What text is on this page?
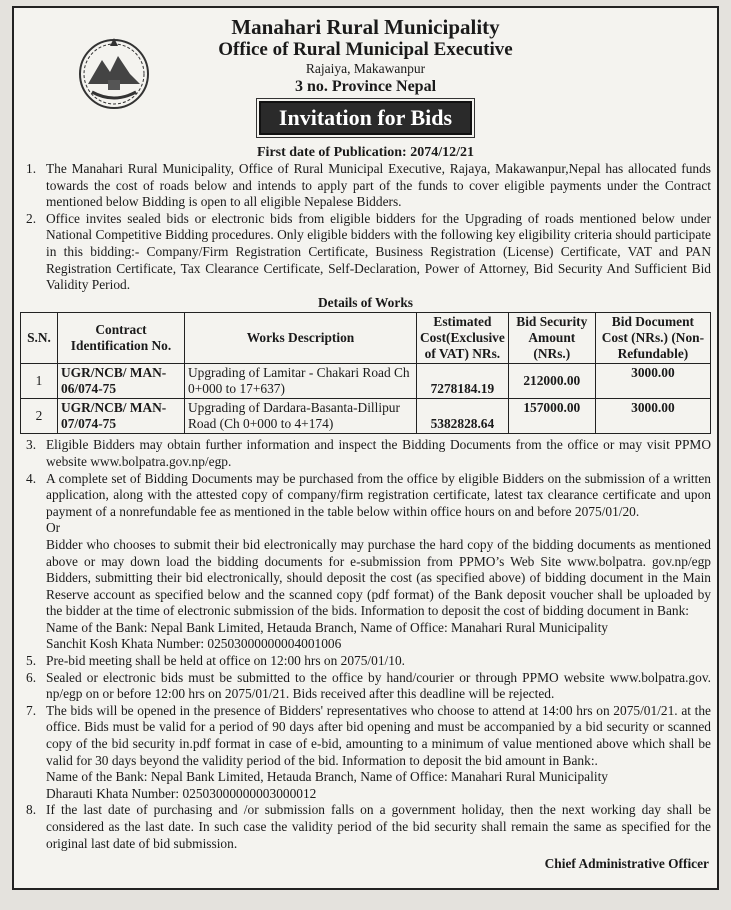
Manahari Rural Municipality
Office of Rural Municipal Executive
Rajaiya, Makawanpur
3 no. Province Nepal
Invitation for Bids
First date of Publication: 2074/12/21
1. The Manahari Rural Municipality, Office of Rural Municipal Executive, Rajaya, Makawanpur,Nepal has allocated funds towards the cost of roads below and intends to apply part of the funds to cover eligible payments under the Contract mentioned below Bidding is open to all eligible Nepalese Bidders.
2. Office invites sealed bids or electronic bids from eligible bidders for the Upgrading of roads mentioned below under National Competitive Bidding procedures. Only eligible bidders with the following key eligibility criteria should participate in this bidding:- Company/Firm Registration Certificate, Business Registration (License) Certificate, VAT and PAN Registration Certificate, Tax Clearance Certificate, Self-Declaration, Power of Attorney, Bid Security And Sufficient Bid Validity Period.
Details of Works
S.N.	Contract Identification No.	Works Description	Estimated Cost(Exclusive of VAT) NRs.	Bid Security Amount (NRs.)	Bid Document Cost (NRs.) (Non-Refundable)
1	UGR/NCB/ MAN-06/074-75	Upgrading of Lamitar - Chakari Road Ch 0+000 to 17+637)	7278184.19	212000.00	3000.00
2	UGR/NCB/ MAN-07/074-75	Upgrading of Dardara-Basanta-Dillipur Road (Ch 0+000 to 4+174)	5382828.64	157000.00	3000.00
3. Eligible Bidders may obtain further information and inspect the Bidding Documents from the office or may visit PPMO website www.bolpatra.gov.np/egp.
4. A complete set of Bidding Documents may be purchased from the office by eligible Bidders on the submission of a written application, along with the attested copy of company/firm registration certificate, latest tax clearance certificate and upon payment of a nonrefundable fee as mentioned in the table below within office hours on and before 2075/01/20.
Or
Bidder who chooses to submit their bid electronically may purchase the hard copy of the bidding documents as mentioned above or may down load the bidding documents for e-submission from PPMO’s Web Site www.bolpatra. gov.np/egp Bidders, submitting their bid electronically, should deposit the cost (as specified above) of bidding document in the Main Reserve account as specified below and the scanned copy (pdf format) of the Bank deposit voucher shall be uploaded by the bidder at the time of electronic submission of the bids. Information to deposit the cost of bidding document in Bank:
Name of the Bank: Nepal Bank Limited, Hetauda Branch, Name of Office: Manahari Rural Municipality
Sanchit Kosh Khata Number: 02503000000004001006
5. Pre-bid meeting shall be held at office on 12:00 hrs on 2075/01/10.
6. Sealed or electronic bids must be submitted to the office by hand/courier or through PPMO website www.bolpatra.gov. np/egp on or before 12:00 hrs on 2075/01/21. Bids received after this deadline will be rejected.
7. The bids will be opened in the presence of Bidders' representatives who choose to attend at 14:00 hrs on 2075/01/21. at the office. Bids must be valid for a period of 90 days after bid opening and must be accompanied by a bid security or scanned copy of the bid security in.pdf format in case of e-bid, amounting to a minimum of value mentioned above which shall be valid for 30 days beyond the validity period of the bid. Information to deposit the bid amount in Bank:.
Name of the Bank: Nepal Bank Limited, Hetauda Branch, Name of Office: Manahari Rural Municipality
Dharauti Khata Number: 02503000000003000012
8. If the last date of purchasing and /or submission falls on a government holiday, then the next working day shall be considered as the last date. In such case the validity period of the bid security shall remain the same as specified for the original last date of bid submission.
Chief Administrative Officer
